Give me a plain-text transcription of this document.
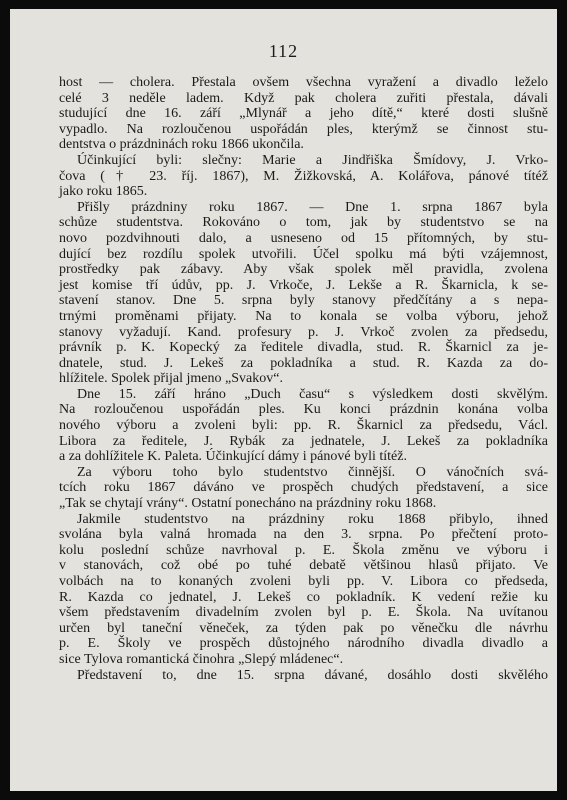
112
host — cholera. Přestala ovšem všechna vyražení a divadlo leželo
celé 3 neděle ladem. Když pak cholera zuřiti přestala, dávali
studující dne 16. září „Mlynář a jeho dítě,“ které dosti slušně
vypadlo. Na rozloučenou uspořádán ples, kterýmž se činnost stu-
dentstva o prázdninách roku 1866 ukončila.
Účinkující byli: slečny: Marie a Jindřiška Šmídovy, J. Vrko-
čova († 23. říj. 1867), M. Žižkovská, A. Kolářova, pánové títéž
jako roku 1865.
Přišly prázdniny roku 1867. — Dne 1. srpna 1867 byla
schůze studentstva. Rokováno o tom, jak by studentstvo se na
novo pozdvihnouti dalo, a usneseno od 15 přítomných, by stu-
dující bez rozdílu spolek utvořili. Účel spolku má býti vzájemnost,
prostředky pak zábavy. Aby však spolek měl pravidla, zvolena
jest komise tří údův, pp. J. Vrkoče, J. Lekše a R. Škarnicla, k se-
stavení stanov. Dne 5. srpna byly stanovy předčítány a s nepa-
trnými proměnami přijaty. Na to konala se volba výboru, jehož
stanovy vyžadují. Kand. profesury p. J. Vrkoč zvolen za předsedu,
právník p. K. Kopecký za ředitele divadla, stud. R. Škarnicl za je-
dnatele, stud. J. Lekeš za pokladníka a stud. R. Kazda za do-
hlížitele. Spolek přijal jmeno „Svakov“.
Dne 15. září hráno „Duch času“ s výsledkem dosti skvělým.
Na rozloučenou uspořádán ples. Ku konci prázdnin konána volba
nového výboru a zvoleni byli: pp. R. Škarnicl za předsedu, Václ.
Libora za ředitele, J. Rybák za jednatele, J. Lekeš za pokladníka
a za dohlížitele K. Paleta. Účinkující dámy i pánové byli títéž.
Za výboru toho bylo studentstvo činnější. O vánočních svá-
tcích roku 1867 dáváno ve prospěch chudých představení, a sice
„Tak se chytají vrány“. Ostatní ponecháno na prázdniny roku 1868.
Jakmile studentstvo na prázdniny roku 1868 přibylo, ihned
svolána byla valná hromada na den 3. srpna. Po přečtení proto-
kolu poslední schůze navrhoval p. E. Škola změnu ve výboru i
v stanovách, což obé po tuhé debatě většinou hlasů přijato. Ve
volbách na to konaných zvoleni byli pp. V. Libora co předseda,
R. Kazda co jednatel, J. Lekeš co pokladník. K vedení režie ku
všem představením divadelním zvolen byl p. E. Škola. Na uvítanou
určen byl taneční věneček, za týden pak po věnečku dle návrhu
p. E. Školy ve prospěch důstojného národního divadla divadlo a
sice Tylova romantická činohra „Slepý mládenec“.
Představení to, dne 15. srpna dávané, dosáhlo dosti skvělého
